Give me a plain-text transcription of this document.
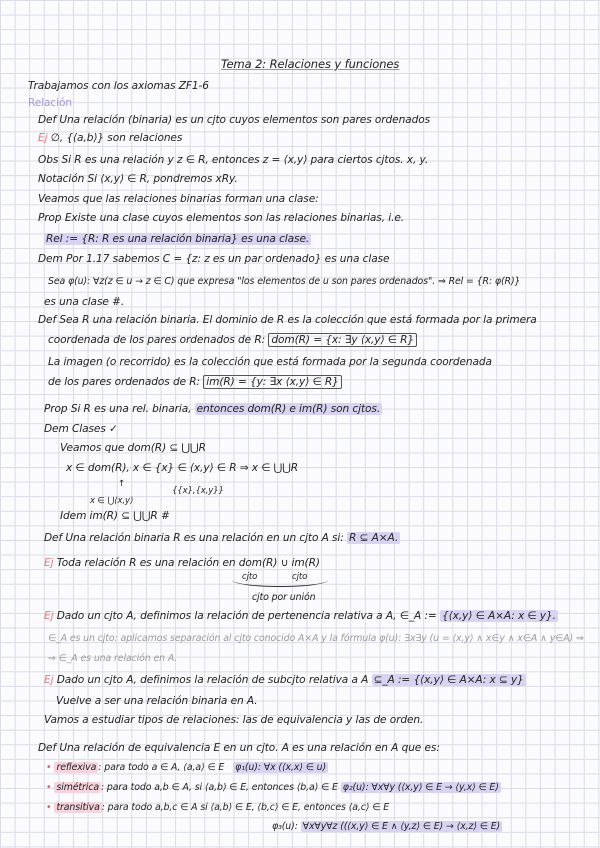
Tema 2: Relaciones y funciones
Trabajamos con los axiomas ZF1-6
Relación
Def Una relación (binaria) es un cjto cuyos elementos son pares ordenados
Ej ∅, {⟨a,b⟩} son relaciones
Obs Si R es una relación y z ∈ R, entonces z = ⟨x,y⟩ para ciertos cjtos. x, y.
Notación Si ⟨x,y⟩ ∈ R, pondremos xRy.
Veamos que las relaciones binarias forman una clase:
Prop Existe una clase cuyos elementos son las relaciones binarias, i.e.
Rel := {R: R es una relación binaria} es una clase.
Dem Por 1.17 sabemos C = {z: z es un par ordenado} es una clase
Sea φ(u): ∀z(z ∈ u → z ∈ C) que expresa "los elementos de u son pares ordenados". ⇒ Rel = {R: φ(R)}
es una clase #.
Def Sea R una relación binaria. El dominio de R es la colección que está formada por la primera
coordenada de los pares ordenados de R: dom(R) = {x: ∃y ⟨x,y⟩ ∈ R}
La imagen (o recorrido) es la colección que está formada por la segunda coordenada
de los pares ordenados de R: im(R) = {y: ∃x ⟨x,y⟩ ∈ R}
Prop Si R es una rel. binaria, entonces dom(R) e im(R) son cjtos.
Dem Clases ✓
Veamos que dom(R) ⊆ ⋃⋃R
x ∈ dom(R), x ∈ {x} ∈ ⟨x,y⟩ ∈ R ⇒ x ∈ ⋃⋃R
↑
x ∈ ⋃⟨x,y⟩
{{x},{x,y}}
Idem im(R) ⊆ ⋃⋃R #
Def Una relación binaria R es una relación en un cjto A si: R ⊆ A×A.
Ej Toda relación R es una relación en dom(R) ∪ im(R)
cjto	cjto
cjto por unión
Ej Dado un cjto A, definimos la relación de pertenencia relativa a A, ∈_A := {⟨x,y⟩ ∈ A×A: x ∈ y}.
∈_A es un cjto: aplicamos separación al cjto conocido A×A y la fórmula φ(u): ∃x∃y (u = ⟨x,y⟩ ∧ x∈y ∧ x∈A ∧ y∈A) ⇒
⇒ ∈_A es una relación en A.
Ej Dado un cjto A, definimos la relación de subcjto relativa a A ⊆_A := {⟨x,y⟩ ∈ A×A: x ⊆ y}
Vuelve a ser una relación binaria en A.
Vamos a estudiar tipos de relaciones: las de equivalencia y las de orden.
Def Una relación de equivalencia E en un cjto. A es una relación en A que es:
• reflexiva : para todo a ∈ A, ⟨a,a⟩ ∈ E φ₁(u): ∀x (⟨x,x⟩ ∈ u)
• simétrica : para todo a,b ∈ A, si ⟨a,b⟩ ∈ E, entonces ⟨b,a⟩ ∈ E φ₂(u): ∀x∀y (⟨x,y⟩ ∈ E → ⟨y,x⟩ ∈ E)
• transitiva : para todo a,b,c ∈ A si ⟨a,b⟩ ∈ E, ⟨b,c⟩ ∈ E, entonces ⟨a,c⟩ ∈ E
φ₃(u): ∀x∀y∀z ((⟨x,y⟩ ∈ E ∧ ⟨y,z⟩ ∈ E) → ⟨x,z⟩ ∈ E)
